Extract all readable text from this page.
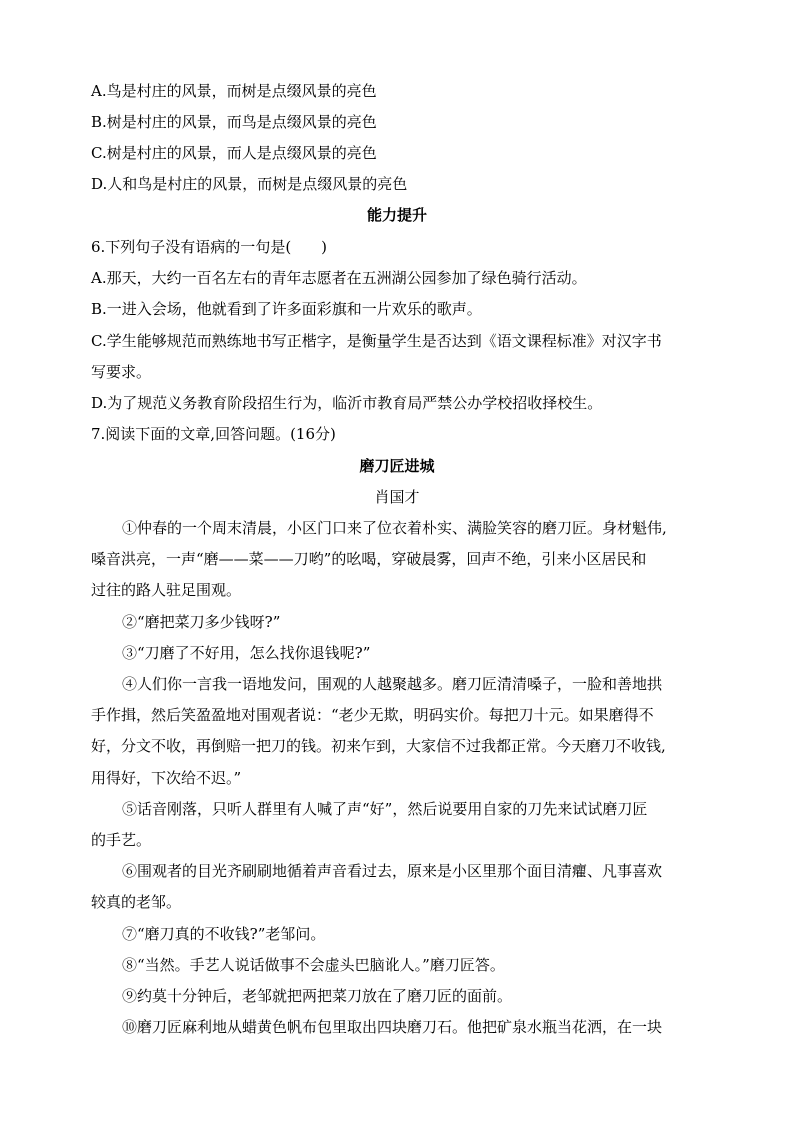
A.鸟是村庄的风景，而树是点缀风景的亮色
B.树是村庄的风景，而鸟是点缀风景的亮色
C.树是村庄的风景，而人是点缀风景的亮色
D.人和鸟是村庄的风景，而树是点缀风景的亮色
能力提升
6.下列句子没有语病的一句是(　　)
A.那天，大约一百名左右的青年志愿者在五洲湖公园参加了绿色骑行活动。
B.一进入会场，他就看到了许多面彩旗和一片欢乐的歌声。
C.学生能够规范而熟练地书写正楷字，是衡量学生是否达到《语文课程标准》对汉字书
写要求。
D.为了规范义务教育阶段招生行为，临沂市教育局严禁公办学校招收择校生。
7.阅读下面的文章,回答问题。(16分)
磨刀匠进城
肖国才
①仲春的一个周末清晨，小区门口来了位衣着朴实、满脸笑容的磨刀匠。身材魁伟,
嗓音洪亮，一声“磨——菜——刀哟”的吆喝，穿破晨雾，回声不绝，引来小区居民和
过往的路人驻足围观。
②“磨把菜刀多少钱呀?”
③“刀磨了不好用，怎么找你退钱呢?”
④人们你一言我一语地发问，围观的人越聚越多。磨刀匠清清嗓子，一脸和善地拱
手作揖，然后笑盈盈地对围观者说：“老少无欺，明码实价。每把刀十元。如果磨得不
好，分文不收，再倒赔一把刀的钱。初来乍到，大家信不过我都正常。今天磨刀不收钱,
用得好，下次给不迟。”
⑤话音刚落，只听人群里有人喊了声“好”，然后说要用自家的刀先来试试磨刀匠
的手艺。
⑥围观者的目光齐刷刷地循着声音看过去，原来是小区里那个面目清癯、凡事喜欢
较真的老邹。
⑦“磨刀真的不收钱?”老邹问。
⑧“当然。手艺人说话做事不会虚头巴脑讹人。”磨刀匠答。
⑨约莫十分钟后，老邹就把两把菜刀放在了磨刀匠的面前。
⑩磨刀匠麻利地从蜡黄色帆布包里取出四块磨刀石。他把矿泉水瓶当花洒，在一块
